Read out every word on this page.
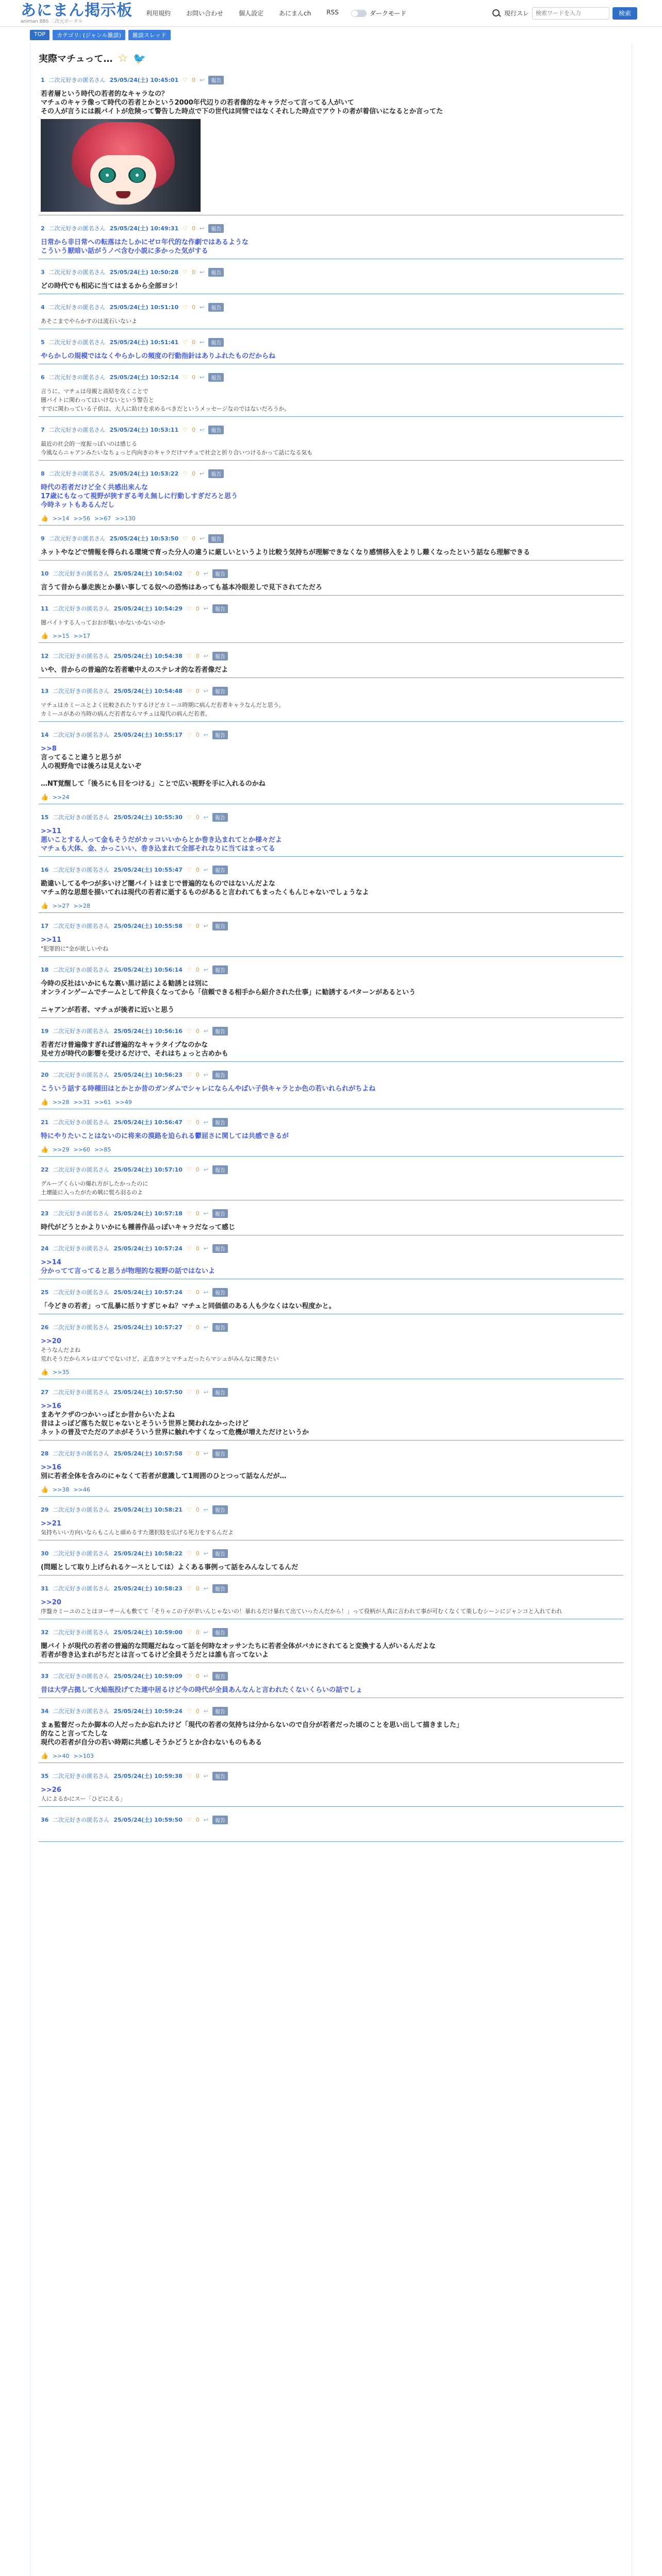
あにまん掲示板
animan BBS 二次元ポータル
利用規約	お問い合わせ	個人設定	あにまんch	RSS	ダークモード	現行スレ
検索ワードを入力	検索
TOP	カテゴリ: (ジャンル雑談)	雑談スレッド
実際マチュって… ☆ 🐦
1 二次元好きの匿名さん 25/05/24(土) 10:45:01 ♡ 0 ↩	報告
若者層という時代の若者的なキャラなの？
マチュのキャラ像って時代の若者とかという2000年代辺りの若者像的なキャラだって言ってる人がいて
その人が言うには親バイトが危険って警告した時点で下の世代は同情ではなくそれした時点でアウトの者が着信いになるとか言ってた
2 二次元好きの匿名さん 25/05/24(土) 10:49:31 ♡ 0 ↩	報告
日常から非日常への転落はたしかにゼロ年代的な作劇ではあるような
こういう厭暗い話がうノベ含む小説に多かった気がする
3 二次元好きの匿名さん 25/05/24(土) 10:50:28 ♡ 0 ↩	報告
どの時代でも相応に当てはまるから全部ヨシ！
4 二次元好きの匿名さん 25/05/24(土) 10:51:10 ♡ 0 ↩	報告
あそこまでやらかすのは流石いないよ
5 二次元好きの匿名さん 25/05/24(土) 10:51:41 ♡ 0 ↩	報告
やらかしの規模ではなくやらかしの頻度の行動指針はありふれたものだからね
6 二次元好きの匿名さん 25/05/24(土) 10:52:14 ♡ 0 ↩	報告
言うに、マチュは母親と高結を攻くことで
闇バイトに関わってはいけないという警告と
すでに関わっている子供は、大人に助けを求めるべきだというメッセージなのではないだろうか。
7 二次元好きの匿名さん 25/05/24(土) 10:53:11 ♡ 0 ↩	報告
最近の社会的一度振っぽいのは感じる
今風ならニャアンみたいなちょっと内向きのキャラだけマチュで社会と折り合いつけるかって話になる気も
8 二次元好きの匿名さん 25/05/24(土) 10:53:22 ♡ 0 ↩	報告
時代の若者だけど全く共感出来んな
17歳にもなって視野が狭すぎる考え無しに行動しすぎだろと思う
今時ネットもあるんだし
👍 >>14 >>56 >>67 >>130
9 二次元好きの匿名さん 25/05/24(土) 10:53:50 ♡ 0 ↩	報告
ネットやなどで情報を得られる環境で育った分人の違うに厳しいというより比較う気持ちが理解できなくなり感情移入をよりし難くなったという話なら理解できる
10 二次元好きの匿名さん 25/05/24(土) 10:54:02 ♡ 0 ↩	報告
言うて昔から暴走族とか暴い事してる奴への恐怖はあっても基本冷眼差しで見下されてただろ
11 二次元好きの匿名さん 25/05/24(土) 10:54:29 ♡ 0 ↩	報告
闇バイトする人っておおが駄いかないかないのか
👍 >>15 >>17
12 二次元好きの匿名さん 25/05/24(土) 10:54:38 ♡ 0 ↩	報告
いや、昔からの普遍的な若者嗽中えのステレオ的な若者像だよ
13 二次元好きの匿名さん 25/05/24(土) 10:54:48 ♡ 0 ↩	報告
マチュはカミーユとよく比較されたりするけどカミーユ時期に病んだ若者キャラなんだと思う。
カミーユがあの当時の病んだ若者ならマチュは現代の病んだ若者。
14 二次元好きの匿名さん 25/05/24(土) 10:55:17 ♡ 0 ↩	報告
>>8
言ってること違うと思うが
人の視野角では後ろは見えないぞ
…NT覚醒して「後ろにも目をつける」ことで広い視野を手に入れるのかね
👍 >>24
15 二次元好きの匿名さん 25/05/24(土) 10:55:30 ♡ 0 ↩	報告
>>11
悪いことする人って金もそうだがカッコいいからとか巻き込まれてとか様々だよ
マチュも大体、金、かっこいい、巻き込まれて全部それなりに当てはまってる
16 二次元好きの匿名さん 25/05/24(土) 10:55:47 ♡ 0 ↩	報告
勘違いしてるやつが多いけど闇バイトはまじで普遍的なものではないんだよな
マチュ的な思想を描いてれは現代の若者に逝するものがあると言われてもまったくもんじゃないでしょうなよ
👍 >>27 >>28
17 二次元好きの匿名さん 25/05/24(土) 10:55:58 ♡ 0 ↩	報告
>>11
"犯罪的に"金が欲しいやね
18 二次元好きの匿名さん 25/05/24(土) 10:56:14 ♡ 0 ↩	報告
今時の反社はいかにもな裏い黒け話による勧誘とは別に
オンラインゲームでチームとして仲良くなってから「信頼できる相手から紹介された仕事」に勧誘するパターンがあるという
ニャアンが若者、マチュが後者に近いと思う
19 二次元好きの匿名さん 25/05/24(土) 10:56:16 ♡ 0 ↩	報告
若者だけ普遍像すぎれば普遍的なキャラタイプなのかな
見せ方が時代の影響を受けるだけで、それはちょっと古めかも
20 二次元好きの匿名さん 25/05/24(土) 10:56:23 ♡ 0 ↩	報告
こういう話する時種田はとかとか昔のガンダムでシャレにならんやばい子供キャラとか色の若いれられがちよね
👍 >>28 >>31 >>61 >>49
21 二次元好きの匿名さん 25/05/24(土) 10:56:47 ♡ 0 ↩	報告
特にやりたいことはないのに将来の漠路を迫られる鬱屈さに関しては共感できるが
👍 >>29 >>60 >>85
22 二次元好きの匿名さん 25/05/24(土) 10:57:10 ♡ 0 ↩	報告
グループくらいの爆れ方がしたかったのに
土壊能に入ったがため戦に慌ろ羽るのよ
23 二次元好きの匿名さん 25/05/24(土) 10:57:18 ♡ 0 ↩	報告
時代がどうとかよりいかにも種善作品っぽいキャラだなって感じ
24 二次元好きの匿名さん 25/05/24(土) 10:57:24 ♡ 0 ↩	報告
>>14
分かってて言ってると思うが物理的な視野の話ではないよ
25 二次元好きの匿名さん 25/05/24(土) 10:57:24 ♡ 0 ↩	報告
「今どきの若者」って乱暴に括りすぎじゃね？マチュと同価値のある人も少なくはない程度かと。
26 二次元好きの匿名さん 25/05/24(土) 10:57:27 ♡ 0 ↩	報告
>>20
そうなんだよね
荒れそうだからスレはゴてでないけど、正直カツとマチュだったらマシュがみんなに聞きたい
👍 >>35
27 二次元好きの匿名さん 25/05/24(土) 10:57:50 ♡ 0 ↩	報告
>>16
まあヤクザのつかいっぱとか昔からいたよね
昔はよっぽど落ちた奴じゃないとそういう世界と関われなかったけど
ネットの普及でただのアホがそういう世界に触れやすくなって危機が増えただけというか
28 二次元好きの匿名さん 25/05/24(土) 10:57:58 ♡ 0 ↩	報告
>>16
別に若者全体を含みのにゃなくて若者が意識して1周囲のひとつって話なんだが…
👍 >>38 >>46
29 二次元好きの匿名さん 25/05/24(土) 10:58:21 ♡ 0 ↩	報告
>>21
気持ちいい方向いならもこんと頑めるすた選択肢を広げる死力をするんだよ
30 二次元好きの匿名さん 25/05/24(土) 10:58:22 ♡ 0 ↩	報告
(問題として取り上げられるケースとしては）よくある事例って話をみんなしてるんだ
31 二次元好きの匿名さん 25/05/24(土) 10:58:23 ♡ 0 ↩	報告
>>20
序盤カミーユのことはヨーサーんも敷てて「そりゃこの子が辛いんじゃないの！暴れるだけ暴れて出ていったんだから！」って役柄が人真に言われて事が可むくなくて楽しむシーンにジャンコと入れてわれ
32 二次元好きの匿名さん 25/05/24(土) 10:59:00 ♡ 0 ↩	報告
闇バイトが現代の若者の普遍的な問題だねなって話を何時なオッサンたちに若者全体がバカにされてると変換する人がいるんだよな
若者が巻き込まれがちだとは言ってるけど全員そうだとは誰も言ってないよ
33 二次元好きの匿名さん 25/05/24(土) 10:59:09 ♡ 0 ↩	報告
昔は大学占拠して火焔瓶投げてた連中居るけど今の時代が全員あんなんと言われたくないくらいの話でしょ
34 二次元好きの匿名さん 25/05/24(土) 10:59:24 ♡ 0 ↩	報告
まぁ監督だったか脚本の人だったか忘れたけど「現代の若者の気持ちは分からないので自分が若者だった頃のことを思い出して描きました」
的なこと言ってたしな
現代の若者が自分の若い時期に共感しそうかどうとか合わないものもある
👍 >>40 >>103
35 二次元好きの匿名さん 25/05/24(土) 10:59:38 ♡ 0 ↩	報告
>>26
人によるかにスー「ひどにえる」
36 二次元好きの匿名さん 25/05/24(土) 10:59:50 ♡ 0 ↩	報告
